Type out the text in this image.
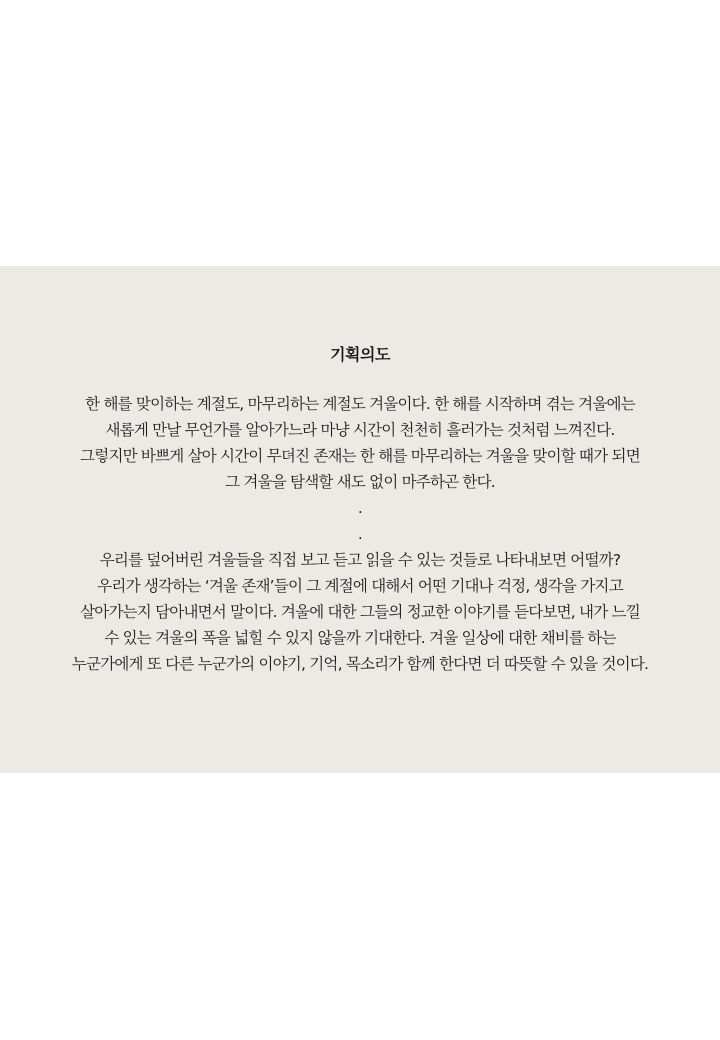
기획의도
한 해를 맞이하는 계절도, 마무리하는 계절도 겨울이다. 한 해를 시작하며 겪는 겨울에는
새롭게 만날 무언가를 알아가느라 마냥 시간이 천천히 흘러가는 것처럼 느껴진다.
그렇지만 바쁘게 살아 시간이 무뎌진 존재는 한 해를 마무리하는 겨울을 맞이할 때가 되면
그 겨울을 탐색할 새도 없이 마주하곤 한다.
.
.
우리를 덮어버린 겨울들을 직접 보고 듣고 읽을 수 있는 것들로 나타내보면 어떨까?
우리가 생각하는 ‘겨울 존재’들이 그 계절에 대해서 어떤 기대나 걱정, 생각을 가지고
살아가는지 담아내면서 말이다. 겨울에 대한 그들의 정교한 이야기를 듣다보면, 내가 느낄
수 있는 겨울의 폭을 넓힐 수 있지 않을까 기대한다. 겨울 일상에 대한 채비를 하는
누군가에게 또 다른 누군가의 이야기, 기억, 목소리가 함께 한다면 더 따뜻할 수 있을 것이다.
